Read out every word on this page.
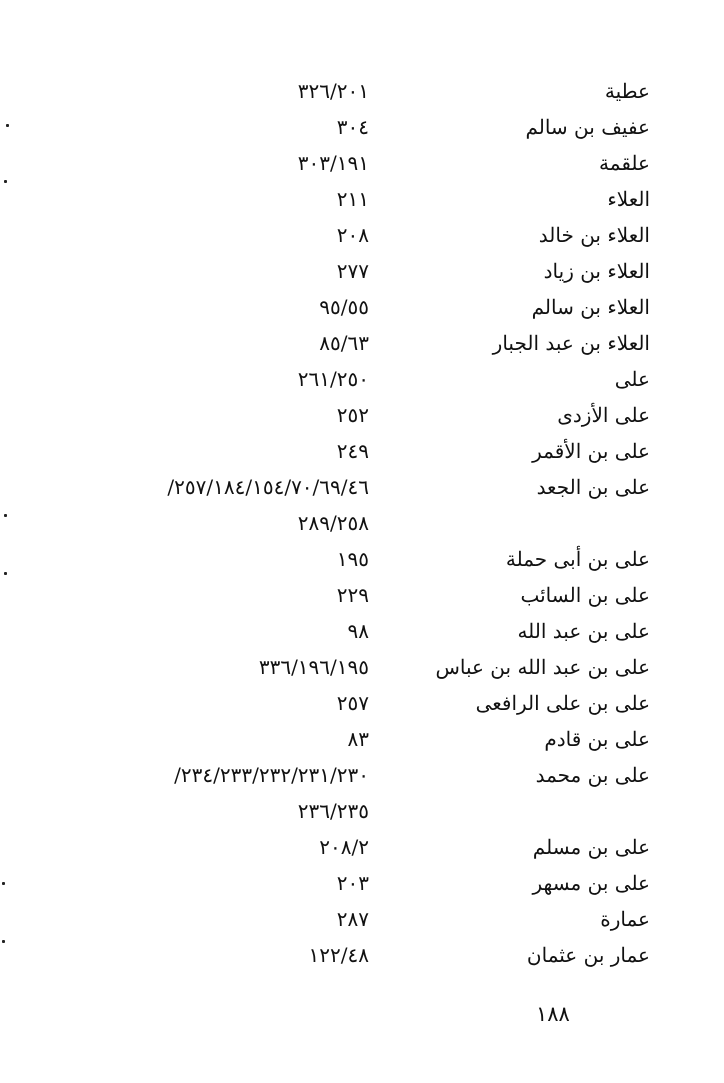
عطية
٣٢٦/٢٠١
عفيف بن سالم
٣٠٤
علقمة
٣٠٣/١٩١
العلاء
٢١١
العلاء بن خالد
٢٠٨
العلاء بن زياد
٢٧٧
العلاء بن سالم
٩٥/٥٥
العلاء بن عبد الجبار
٨٥/٦٣
على
٢٦١/٢٥٠
على الأزدى
٢٥٢
على بن الأقمر
٢٤٩
على بن الجعد
/٢٥٧/١٨٤/١٥٤/٧٠/٦٩/٤٦
٢٨٩/٢٥٨
على بن أبى حملة
١٩٥
على بن السائب
٢٢٩
على بن عبد الله
٩٨
على بن عبد الله بن عباس
٣٣٦/١٩٦/١٩٥
على بن على الرافعى
٢٥٧
على بن قادم
٨٣
على بن محمد
/٢٣٤/٢٣٣/٢٣٢/٢٣١/٢٣٠
٢٣٦/٢٣٥
على بن مسلم
٢٠٨/٢
على بن مسهر
٢٠٣
عمارة
٢٨٧
عمار بن عثمان
١٢٢/٤٨
١٨٨
